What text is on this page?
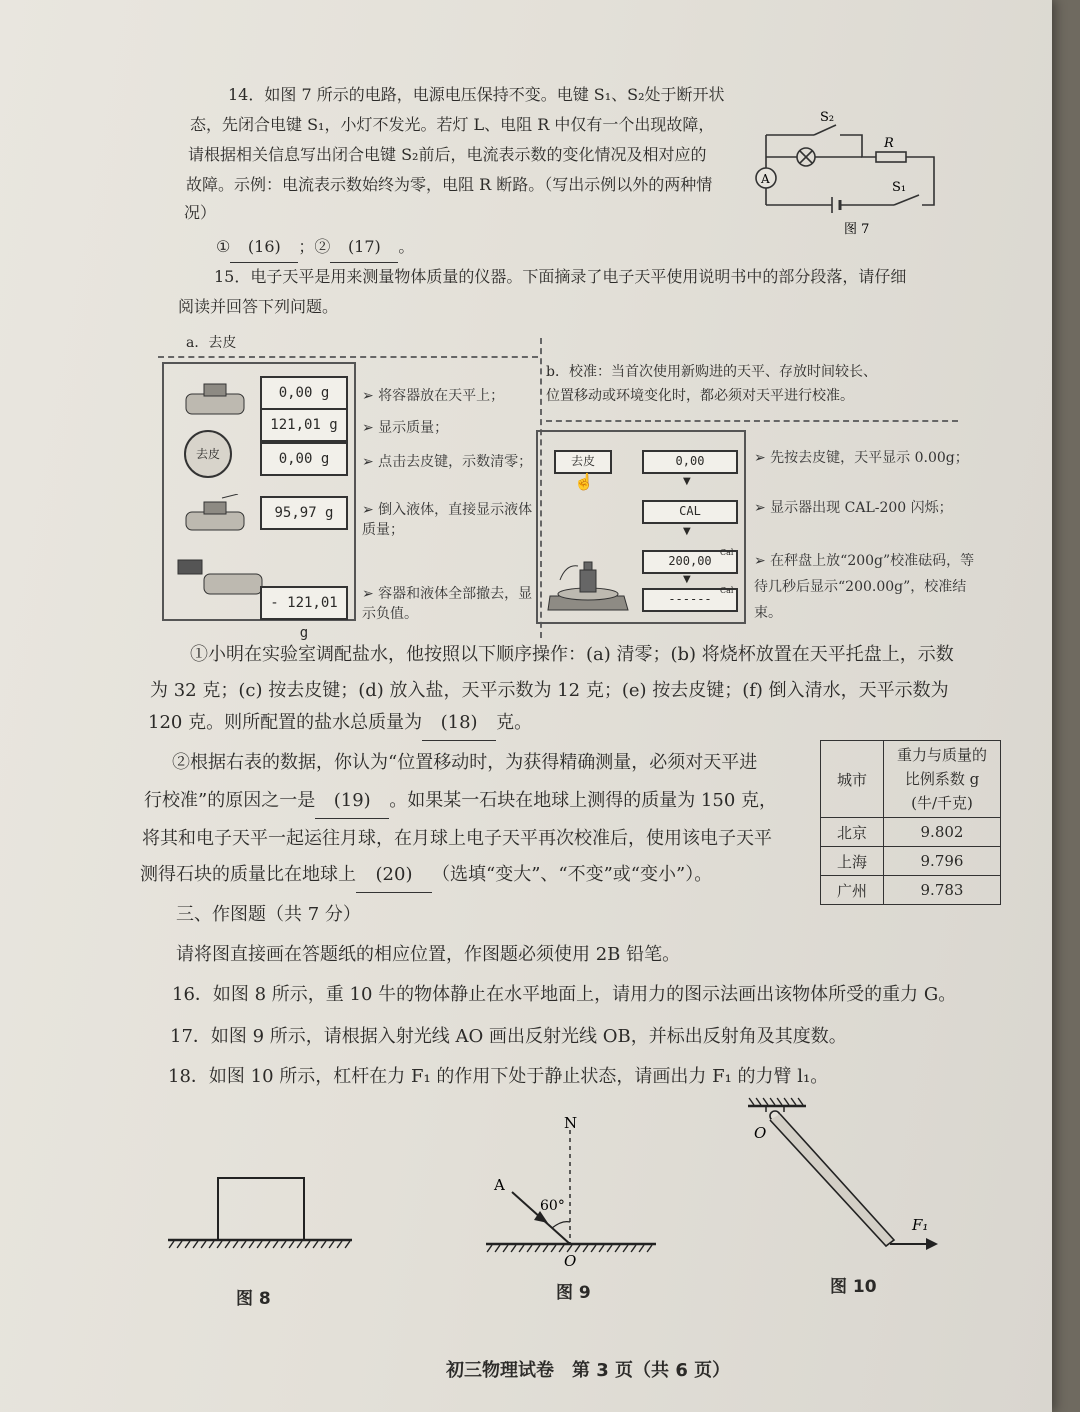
14．如图 7 所示的电路，电源电压保持不变。电键 S₁、S₂处于断开状
态，先闭合电键 S₁，小灯不发光。若灯 L、电阻 R 中仅有一个出现故障，
请根据相关信息写出闭合电键 S₂前后，电流表示数的变化情况及相对应的
故障。示例：电流表示数始终为零，电阻 R 断路。（写出示例以外的两种情
况）
① (16) ；② (17) 。
A
S₂
R
S₁
图 7
15．电子天平是用来测量物体质量的仪器。下面摘录了电子天平使用说明书中的部分段落，请仔细
阅读并回答下列问题。
a．去皮
去皮
0,00 g
121,01 g
0,00 g
95,97 g
- 121,01 g
➢ 将容器放在天平上；
➢ 显示质量；
➢ 点击去皮键，示数清零；
➢ 倒入液体，直接显示液体质量；
➢ 容器和液体全部撤去，显示负值。
b．校准：当首次使用新购进的天平、存放时间较长、
位置移动或环境变化时，都必须对天平进行校准。
去皮
☝
0,00
▼
CAL
▼
200,00
Cal
▼
------
Cal
➢ 先按去皮键，天平显示 0.00g；
➢ 显示器出现 CAL-200 闪烁；
➢ 在秤盘上放“200g”校准砝码，等待几秒后显示“200.00g”，校准结束。
①小明在实验室调配盐水，他按照以下顺序操作：(a) 清零；(b) 将烧杯放置在天平托盘上，示数
为 32 克；(c) 按去皮键；(d) 放入盐，天平示数为 12 克；(e) 按去皮键；(f) 倒入清水，天平示数为
120 克。则所配置的盐水总质量为 (18) 克。
②根据右表的数据，你认为“位置移动时，为获得精确测量，必须对天平进
行校准”的原因之一是 (19) 。如果某一石块在地球上测得的质量为 150 克，
将其和电子天平一起运往月球，在月球上电子天平再次校准后，使用该电子天平
测得石块的质量比在地球上 (20) （选填“变大”、“不变”或“变小”）。
城市	重力与质量的
比例系数 g
(牛/千克)

北京	9.802
上海	9.796
广州	9.783
三、作图题（共 7 分）
请将图直接画在答题纸的相应位置，作图题必须使用 2B 铅笔。
16．如图 8 所示，重 10 牛的物体静止在水平地面上，请用力的图示法画出该物体所受的重力 G。
17．如图 9 所示，请根据入射光线 AO 画出反射光线 OB，并标出反射角及其度数。
18．如图 10 所示，杠杆在力 F₁ 的作用下处于静止状态，请画出力 F₁ 的力臂 l₁。
图 8
N
A
O
60°
图 9
O
F₁
图 10
初三物理试卷　第 3 页（共 6 页）
